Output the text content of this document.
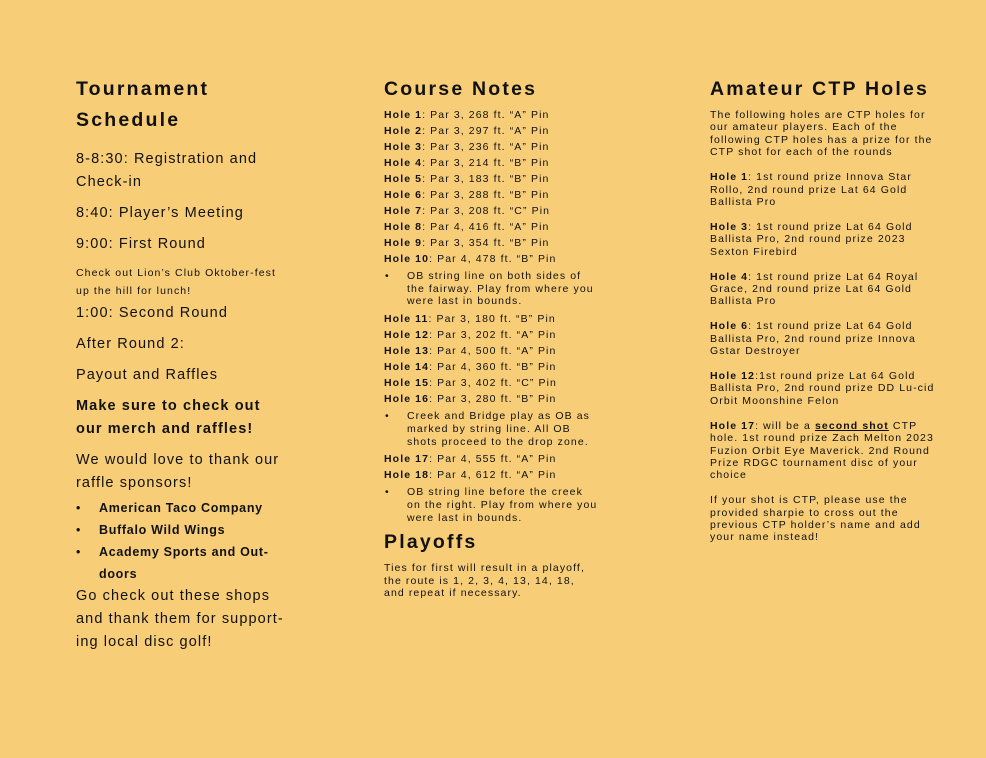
Tournament Schedule

8-8:30: Registration and Check-in

8:40: Player’s Meeting

9:00: First Round

Check out Lion’s Club Oktober-fest up the hill for lunch!

1:00: Second Round

After Round 2:

Payout and Raffles

Make sure to check out our merch and raffles!

We would love to thank our raffle sponsors!

• American Taco Company
• Buffalo Wild Wings
• Academy Sports and Out-doors

Go check out these shops and thank them for support-ing local disc golf!

Course Notes
Hole 1: Par 3, 268 ft. “A” Pin
Hole 2: Par 3, 297 ft. “A” Pin
Hole 3: Par 3, 236 ft. “A” Pin
Hole 4: Par 3, 214 ft. “B” Pin
Hole 5: Par 3, 183 ft. “B” Pin
Hole 6: Par 3, 288 ft. “B” Pin
Hole 7: Par 3, 208 ft. “C” Pin
Hole 8: Par 4, 416 ft. “A” Pin
Hole 9: Par 3, 354 ft. “B” Pin
Hole 10: Par 4, 478 ft. “B” Pin
• OB string line on both sides of the fairway. Play from where you were last in bounds.
Hole 11: Par 3, 180 ft. “B” Pin
Hole 12: Par 3, 202 ft. “A” Pin
Hole 13: Par 4, 500 ft. “A” Pin
Hole 14: Par 4, 360 ft. “B” Pin
Hole 15: Par 3, 402 ft. “C” Pin
Hole 16: Par 3, 280 ft. “B” Pin
• Creek and Bridge play as OB as marked by string line. All OB shots proceed to the drop zone.
Hole 17: Par 4, 555 ft. “A” Pin
Hole 18: Par 4, 612 ft. “A” Pin
• OB string line before the creek on the right. Play from where you were last in bounds.
Playoffs

Ties for first will result in a playoff, the route is 1, 2, 3, 4, 13, 14, 18, and repeat if necessary.

Amateur CTP Holes

The following holes are CTP holes for our amateur players. Each of the following CTP holes has a prize for the CTP shot for each of the rounds

Hole 1: 1st round prize Innova Star Rollo, 2nd round prize Lat 64 Gold Ballista Pro

Hole 3: 1st round prize Lat 64 Gold Ballista Pro, 2nd round prize 2023 Sexton Firebird

Hole 4: 1st round prize Lat 64 Royal Grace, 2nd round prize Lat 64 Gold Ballista Pro

Hole 6: 1st round prize Lat 64 Gold Ballista Pro, 2nd round prize Innova Gstar Destroyer

Hole 12:1st round prize Lat 64 Gold Ballista Pro, 2nd round prize DD Lu-cid Orbit Moonshine Felon

Hole 17: will be a second shot CTP hole. 1st round prize Zach Melton 2023 Fuzion Orbit Eye Maverick. 2nd Round Prize RDGC tournament disc of your choice

If your shot is CTP, please use the provided sharpie to cross out the previous CTP holder’s name and add your name instead!
